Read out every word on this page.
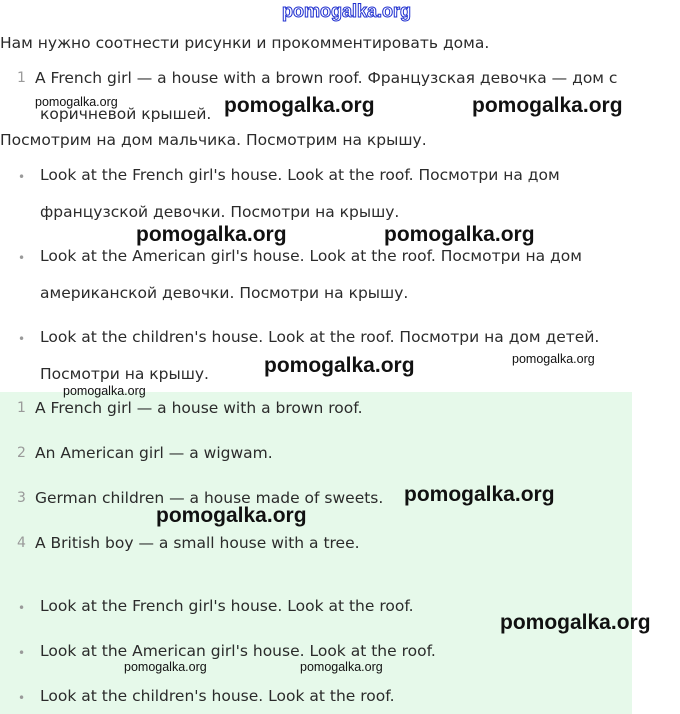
pomogalka.org
Нам нужно соотнести рисунки и прокомментировать дома.
1 A French girl — a house with a brown roof. Французская девочка — дом с
коричневой крышей.
Посмотрим на дом мальчика. Посмотрим на крышу.
• Look at the French girl's house. Look at the roof. Посмотри на дом
французской девочки. Посмотри на крышу.
• Look at the American girl's house. Look at the roof. Посмотри на дом
американской девочки. Посмотри на крышу.
• Look at the children's house. Look at the roof. Посмотри на дом детей.
Посмотри на крышу.
1 A French girl — a house with a brown roof.
2 An American girl — a wigwam.
3 German children — a house made of sweets.
4 A British boy — a small house with a tree.
• Look at the French girl's house. Look at the roof.
• Look at the American girl's house. Look at the roof.
• Look at the children's house. Look at the roof.
pomogalka.org	pomogalka.org	pomogalka.org
pomogalka.org	pomogalka.org
pomogalka.org	pomogalka.org
pomogalka.org
pomogalka.org
pomogalka.org
pomogalka.org
pomogalka.org	pomogalka.org
